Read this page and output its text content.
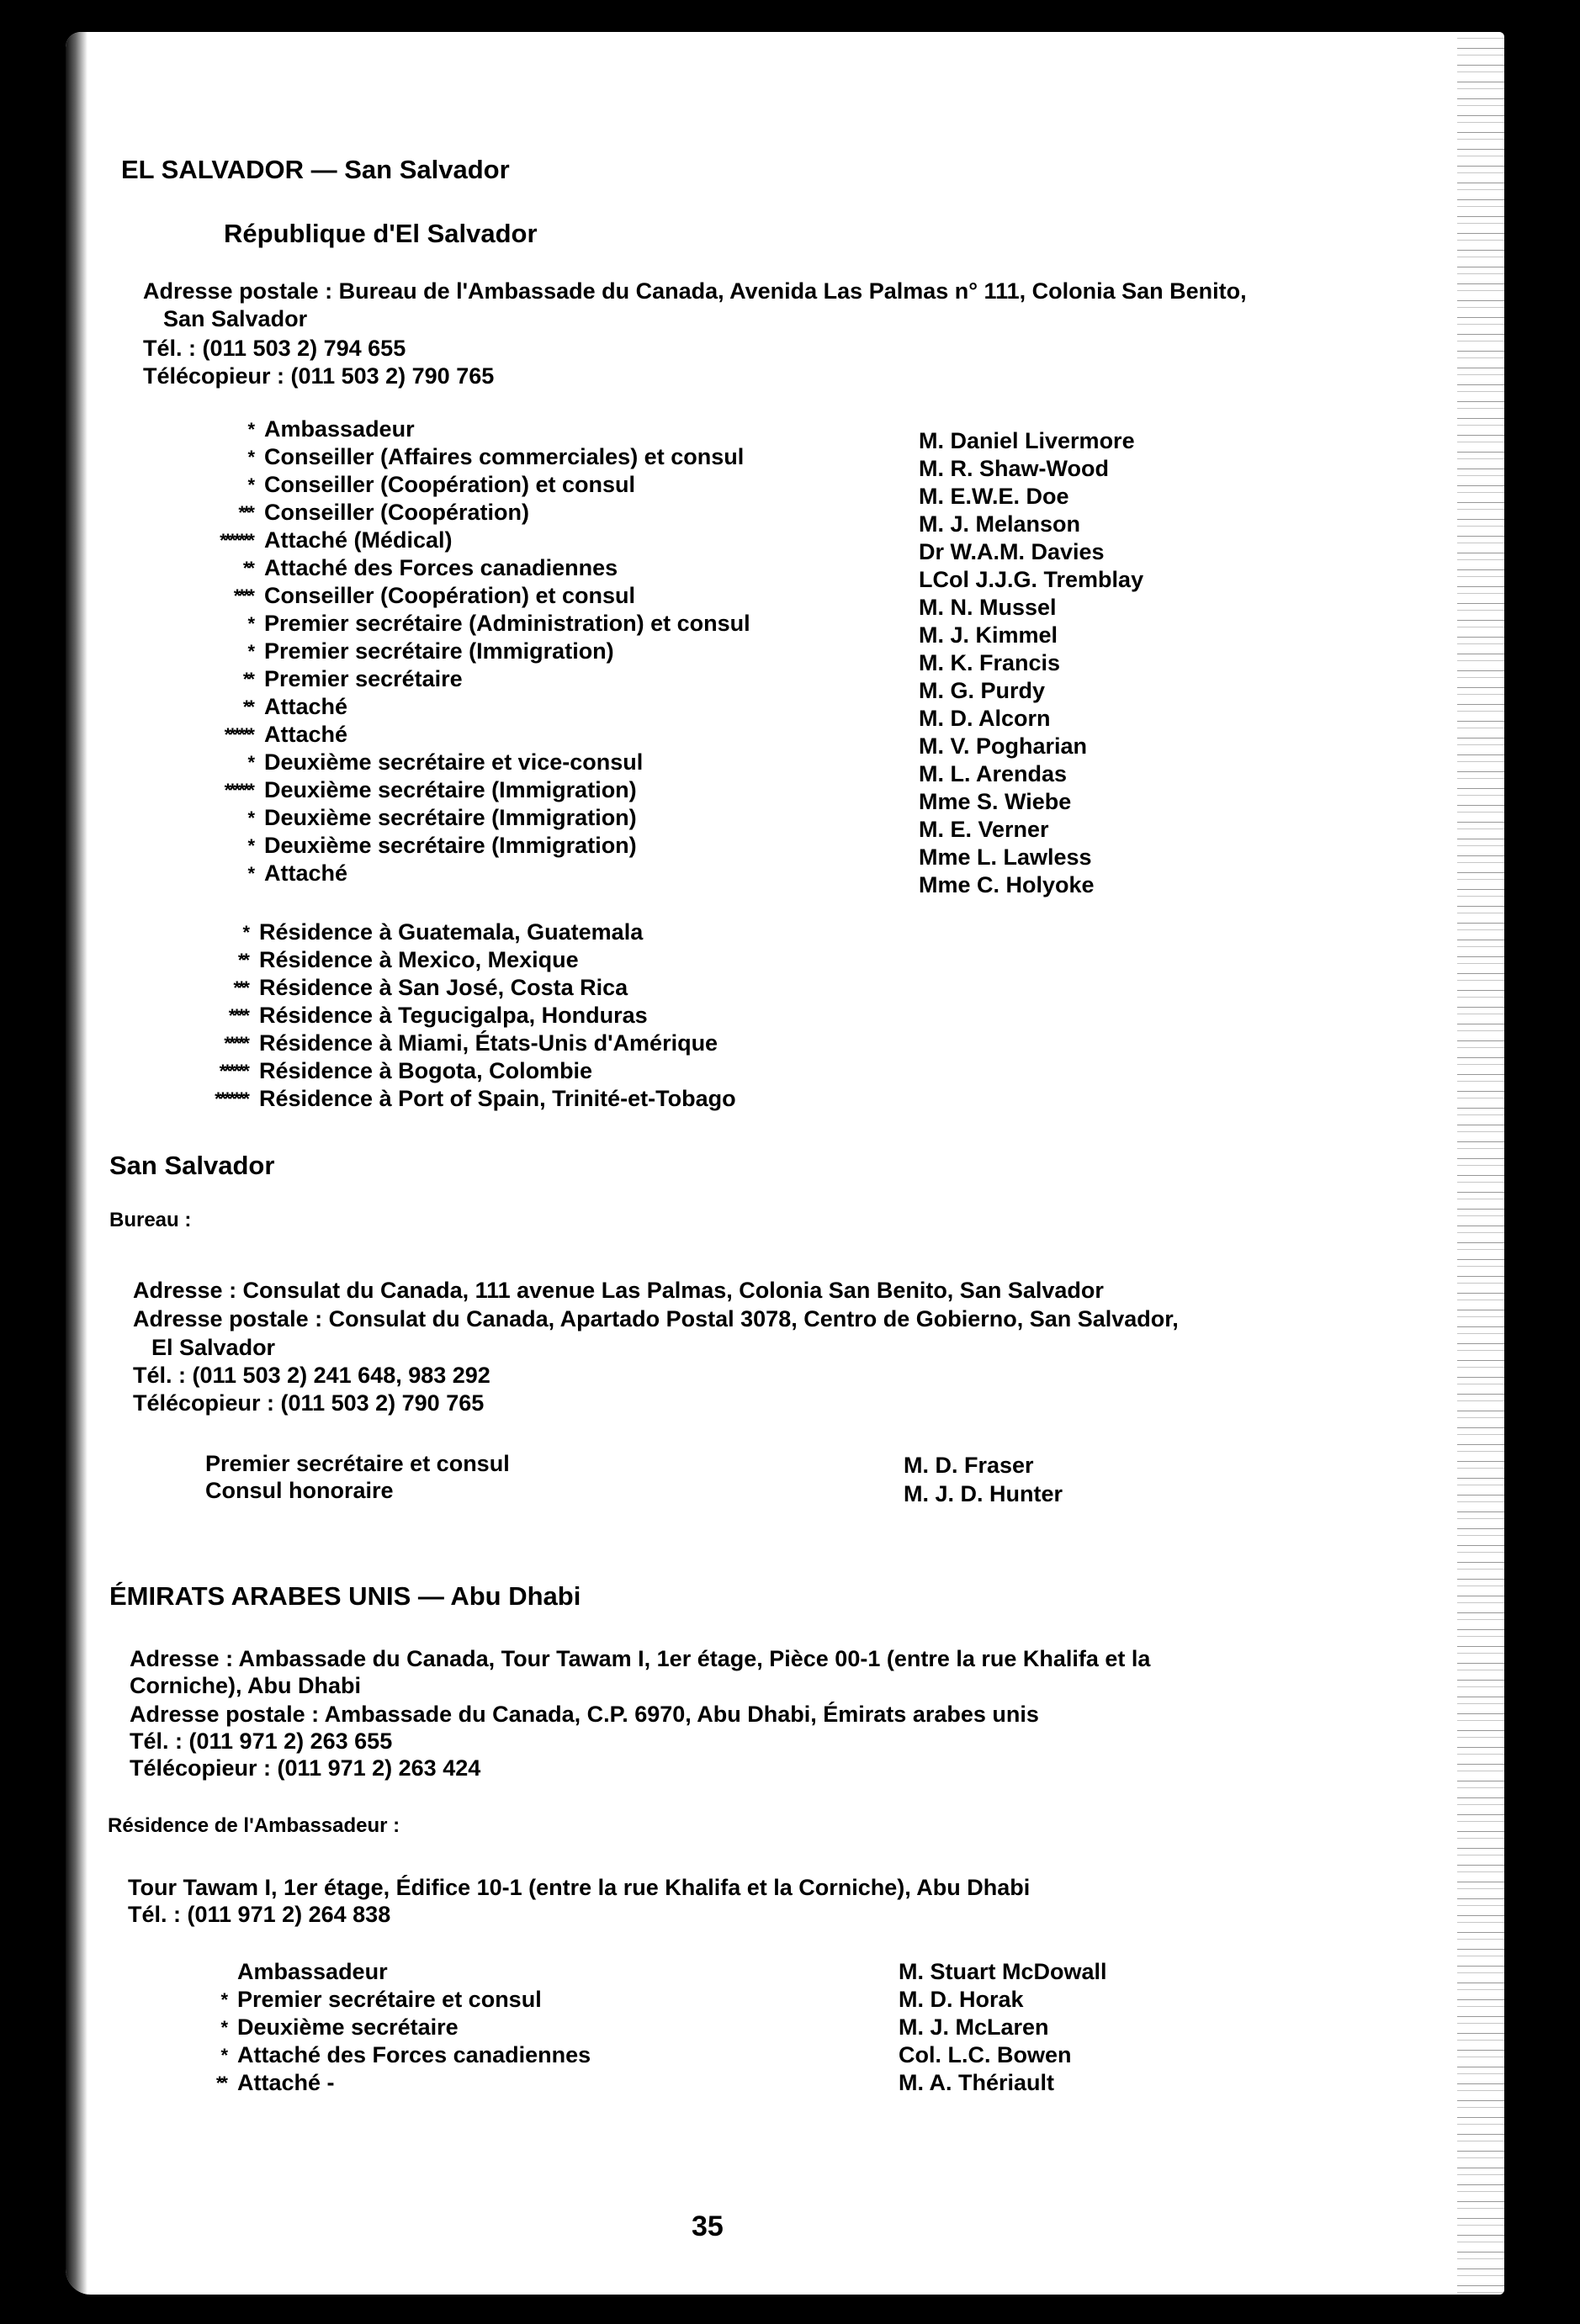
EL SALVADOR — San Salvador
République d'El Salvador
Adresse postale : Bureau de l'Ambassade du Canada, Avenida Las Palmas n° 111, Colonia San Benito,
San Salvador
Tél. : (011 503 2) 794 655
Télécopieur : (011 503 2) 790 765
* Ambassadeur
* Conseiller (Affaires commerciales) et consul
* Conseiller (Coopération) et consul
*** Conseiller (Coopération)
******* Attaché (Médical)
** Attaché des Forces canadiennes
**** Conseiller (Coopération) et consul
* Premier secrétaire (Administration) et consul
* Premier secrétaire (Immigration)
** Premier secrétaire
** Attaché
****** Attaché
* Deuxième secrétaire et vice-consul
****** Deuxième secrétaire (Immigration)
* Deuxième secrétaire (Immigration)
* Deuxième secrétaire (Immigration)
* Attaché
M. Daniel Livermore
M. R. Shaw-Wood
M. E.W.E. Doe
M. J. Melanson
Dr W.A.M. Davies
LCol J.J.G. Tremblay
M. N. Mussel
M. J. Kimmel
M. K. Francis
M. G. Purdy
M. D. Alcorn
M. V. Pogharian
M. L. Arendas
Mme S. Wiebe
M. E. Verner
Mme L. Lawless
Mme C. Holyoke
* Résidence à Guatemala, Guatemala
** Résidence à Mexico, Mexique
*** Résidence à San José, Costa Rica
**** Résidence à Tegucigalpa, Honduras
***** Résidence à Miami, États-Unis d'Amérique
****** Résidence à Bogota, Colombie
******* Résidence à Port of Spain, Trinité-et-Tobago
San Salvador
Bureau :
Adresse : Consulat du Canada, 111 avenue Las Palmas, Colonia San Benito, San Salvador
Adresse postale : Consulat du Canada, Apartado Postal 3078, Centro de Gobierno, San Salvador,
El Salvador
Tél. : (011 503 2) 241 648, 983 292
Télécopieur : (011 503 2) 790 765
Premier secrétaire et consul
Consul honoraire
M. D. Fraser
M. J. D. Hunter
ÉMIRATS ARABES UNIS — Abu Dhabi
Adresse : Ambassade du Canada, Tour Tawam I, 1er étage, Pièce 00-1 (entre la rue Khalifa et la
Corniche), Abu Dhabi
Adresse postale : Ambassade du Canada, C.P. 6970, Abu Dhabi, Émirats arabes unis
Tél. : (011 971 2) 263 655
Télécopieur : (011 971 2) 263 424
Résidence de l'Ambassadeur :
Tour Tawam I, 1er étage, Édifice 10-1 (entre la rue Khalifa et la Corniche), Abu Dhabi
Tél. : (011 971 2) 264 838
Ambassadeur
* Premier secrétaire et consul
* Deuxième secrétaire
* Attaché des Forces canadiennes
** Attaché -
M. Stuart McDowall
M. D. Horak
M. J. McLaren
Col. L.C. Bowen
M. A. Thériault
35
